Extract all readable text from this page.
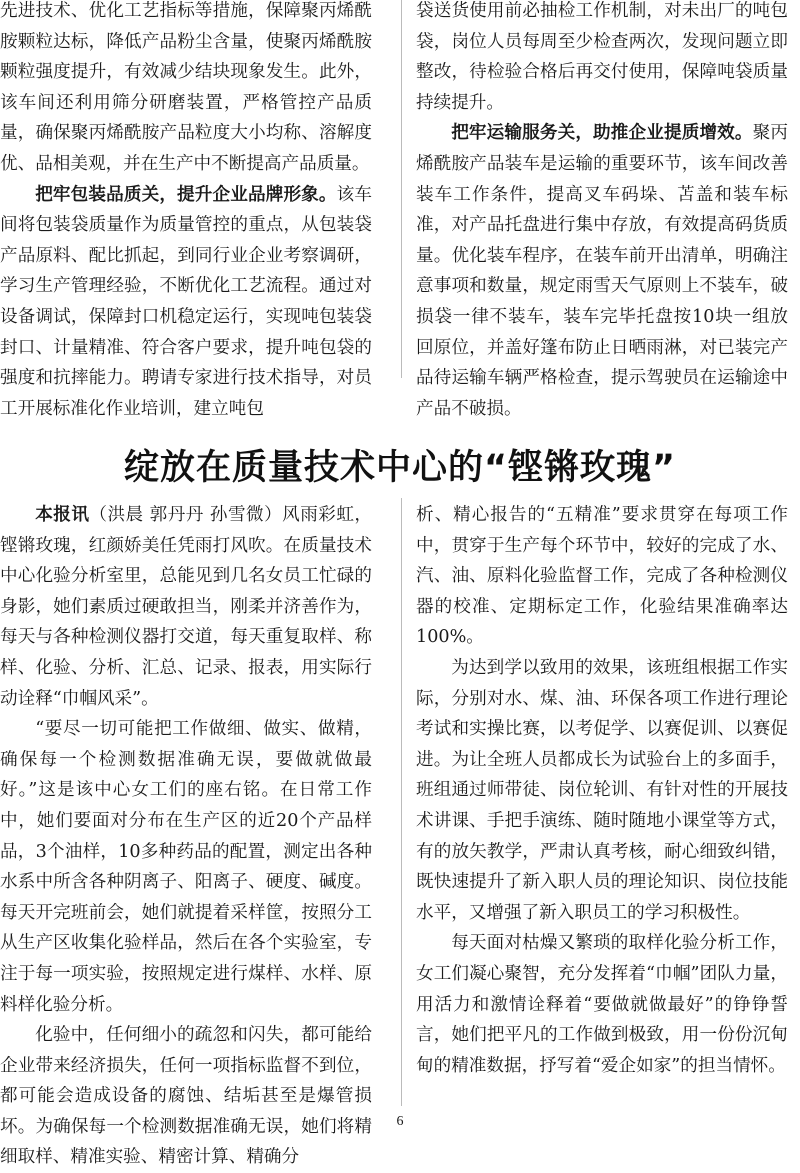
先进技术、优化工艺指标等措施，保障聚丙烯酰胺颗粒达标，降低产品粉尘含量，使聚丙烯酰胺颗粒强度提升，有效减少结块现象发生。此外，该车间还利用筛分研磨装置，严格管控产品质量，确保聚丙烯酰胺产品粒度大小均称、溶解度优、品相美观，并在生产中不断提高产品质量。

把牢包装品质关，提升企业品牌形象。该车间将包装袋质量作为质量管控的重点，从包装袋产品原料、配比抓起，到同行业企业考察调研，学习生产管理经验，不断优化工艺流程。通过对设备调试，保障封口机稳定运行，实现吨包装袋封口、计量精准、符合客户要求，提升吨包袋的强度和抗摔能力。聘请专家进行技术指导，对员工开展标准化作业培训，建立吨包

袋送货使用前必抽检工作机制，对未出厂的吨包袋，岗位人员每周至少检查两次，发现问题立即整改，待检验合格后再交付使用，保障吨袋质量持续提升。

把牢运输服务关，助推企业提质增效。聚丙烯酰胺产品装车是运输的重要环节，该车间改善装车工作条件，提高叉车码垛、苫盖和装车标准，对产品托盘进行集中存放，有效提高码货质量。优化装车程序，在装车前开出清单，明确注意事项和数量，规定雨雪天气原则上不装车，破损袋一律不装车，装车完毕托盘按10块一组放回原位，并盖好篷布防止日晒雨淋，对已装完产品待运输车辆严格检查，提示驾驶员在运输途中产品不破损。

绽放在质量技术中心的“铿锵玫瑰”

本报讯（洪晨 郭丹丹 孙雪微）风雨彩虹，铿锵玫瑰，红颜娇美任凭雨打风吹。在质量技术中心化验分析室里，总能见到几名女员工忙碌的身影，她们素质过硬敢担当，刚柔并济善作为，每天与各种检测仪器打交道，每天重复取样、称样、化验、分析、汇总、记录、报表，用实际行动诠释“巾帼风采”。

“要尽一切可能把工作做细、做实、做精，确保每一个检测数据准确无误，要做就做最好。”这是该中心女工们的座右铭。在日常工作中，她们要面对分布在生产区的近20个产品样品，3个油样，10多种药品的配置，测定出各种水系中所含各种阴离子、阳离子、硬度、碱度。每天开完班前会，她们就提着采样筐，按照分工从生产区收集化验样品，然后在各个实验室，专注于每一项实验，按照规定进行煤样、水样、原料样化验分析。

化验中，任何细小的疏忽和闪失，都可能给企业带来经济损失，任何一项指标监督不到位，都可能会造成设备的腐蚀、结垢甚至是爆管损坏。为确保每一个检测数据准确无误，她们将精细取样、精准实验、精密计算、精确分

析、精心报告的“五精准”要求贯穿在每项工作中，贯穿于生产每个环节中，较好的完成了水、汽、油、原料化验监督工作，完成了各种检测仪器的校准、定期标定工作，化验结果准确率达100%。

为达到学以致用的效果，该班组根据工作实际，分别对水、煤、油、环保各项工作进行理论考试和实操比赛，以考促学、以赛促训、以赛促进。为让全班人员都成长为试验台上的多面手，班组通过师带徒、岗位轮训、有针对性的开展技术讲课、手把手演练、随时随地小课堂等方式，有的放矢教学，严肃认真考核，耐心细致纠错，既快速提升了新入职人员的理论知识、岗位技能水平，又增强了新入职员工的学习积极性。

每天面对枯燥又繁琐的取样化验分析工作，女工们凝心聚智，充分发挥着“巾帼”团队力量，用活力和激情诠释着“要做就做最好”的铮铮誓言，她们把平凡的工作做到极致，用一份份沉甸甸的精准数据，抒写着“爱企如家”的担当情怀。

6
